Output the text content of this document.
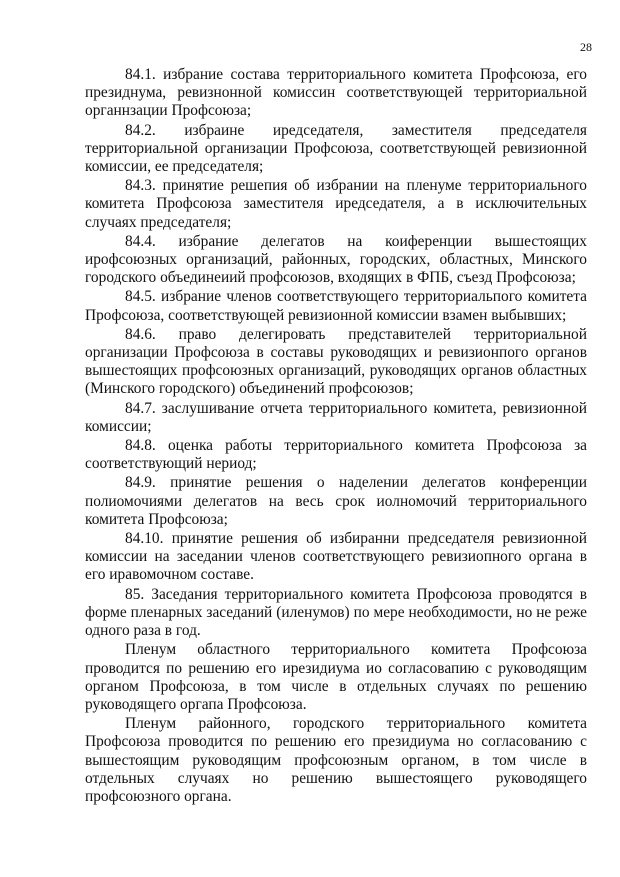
28

84.1. избрание состава территориального комитета Профсоюза, его президнума, ревизнонной комиссин соответствующей территориальной органнзации Профсоюза;

84.2. избраине иредседателя, заместителя председателя территориальной организации Профсоюза, соответствующей ревизионной комиссии, ее председателя;

84.3. принятие решепия об избрании на пленуме территориального комитета Профсоюза заместителя иредседателя, а в исключительных случаях председателя;

84.4. избрание делегатов на коиференции вышестоящих ирофсоюзных организаций, районных, городских, областных, Минского городского объединеиий профсоюзов, входящих в ФПБ, съезд Профсоюза;

84.5. избрание членов соответствующего территориальпого комитета Профсоюза, соответствующей ревизионной комиссии взамен выбывших;

84.6. право делегировать представителей территориальной организации Профсоюза в составы руководящих и ревизионпого органов вышестоящих профсоюзных организаций, руководящих органов областных (Минского городского) объединений профсоюзов;

84.7. заслушивание отчета территориального комитета, ревизионной комиссии;

84.8. оценка работы территориального комитета Профсоюза за соответствующий нериод;

84.9. принятие решения о наделении делегатов конференции полиомочиями делегатов на весь срок иолномочий территориального комитета Профсоюза;

84.10. принятие решения об избиранни председателя ревизионной комиссии на заседании членов соответствующего ревизиопного органа в его иравомочном составе.

85. Заседания территориального комитета Профсоюза проводятся в форме пленарных заседаний (иленумов) по мере необходимости, но не реже одного раза в год.

Пленум областного территориального комитета Профсоюза проводится по решению его ирезидиума ио согласовапию с руководящим органом Профсоюза, в том числе в отдельных случаях по решению руководящего оргапа Профсоюза.

Пленум районного, городского территориального комитета Профсоюза проводится по решению его президиума но согласованию с вышестоящим руководящим профсоюзным органом, в том числе в отдельных случаях но решению вышестоящего руководящего профсоюзного органа.
